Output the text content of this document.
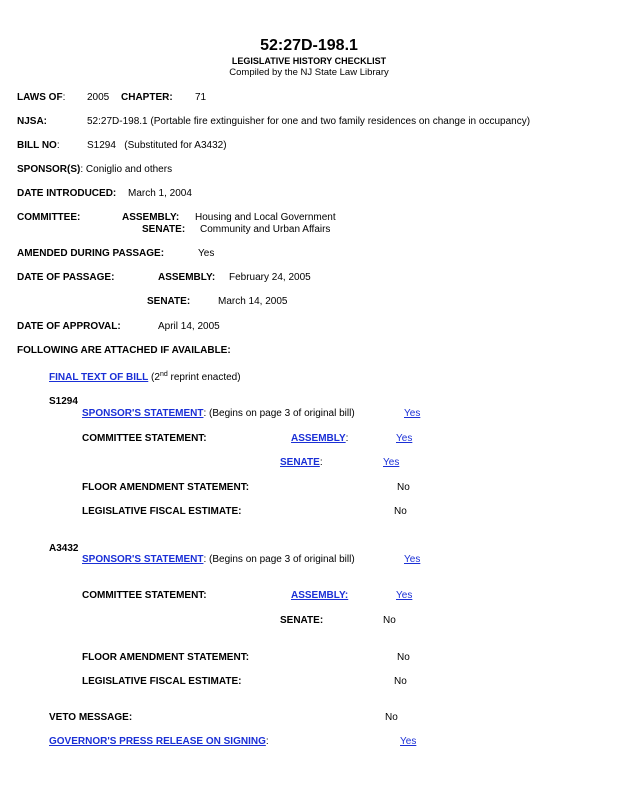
52:27D-198.1
LEGISLATIVE HISTORY CHECKLIST
Compiled by the NJ State Law Library
LAWS OF: 2005 CHAPTER: 71
NJSA:	52:27D-198.1 (Portable fire extinguisher for one and two family residences on change in occupancy)
BILL NO:	S1294   (Substituted for A3432)
SPONSOR(S): Coniglio and others
DATE INTRODUCED: March 1, 2004
COMMITTEE:	ASSEMBLY: Housing and Local Government
SENATE: Community and Urban Affairs
AMENDED DURING PASSAGE:	Yes
DATE OF PASSAGE:	ASSEMBLY: February 24, 2005
SENATE:	March 14, 2005
DATE OF APPROVAL:	April 14, 2005
FOLLOWING ARE ATTACHED IF AVAILABLE:
FINAL TEXT OF BILL (2nd reprint enacted)
S1294
SPONSOR'S STATEMENT: (Begins on page 3 of original bill)	Yes
COMMITTEE STATEMENT:	ASSEMBLY:	Yes
SENATE:	Yes
FLOOR AMENDMENT STATEMENT:	No
LEGISLATIVE FISCAL ESTIMATE:	No
A3432
SPONSOR'S STATEMENT: (Begins on page 3 of original bill)	Yes
COMMITTEE STATEMENT:	ASSEMBLY:	Yes
SENATE:	No
FLOOR AMENDMENT STATEMENT:	No
LEGISLATIVE FISCAL ESTIMATE:	No
VETO MESSAGE:	No
GOVERNOR'S PRESS RELEASE ON SIGNING:	Yes
